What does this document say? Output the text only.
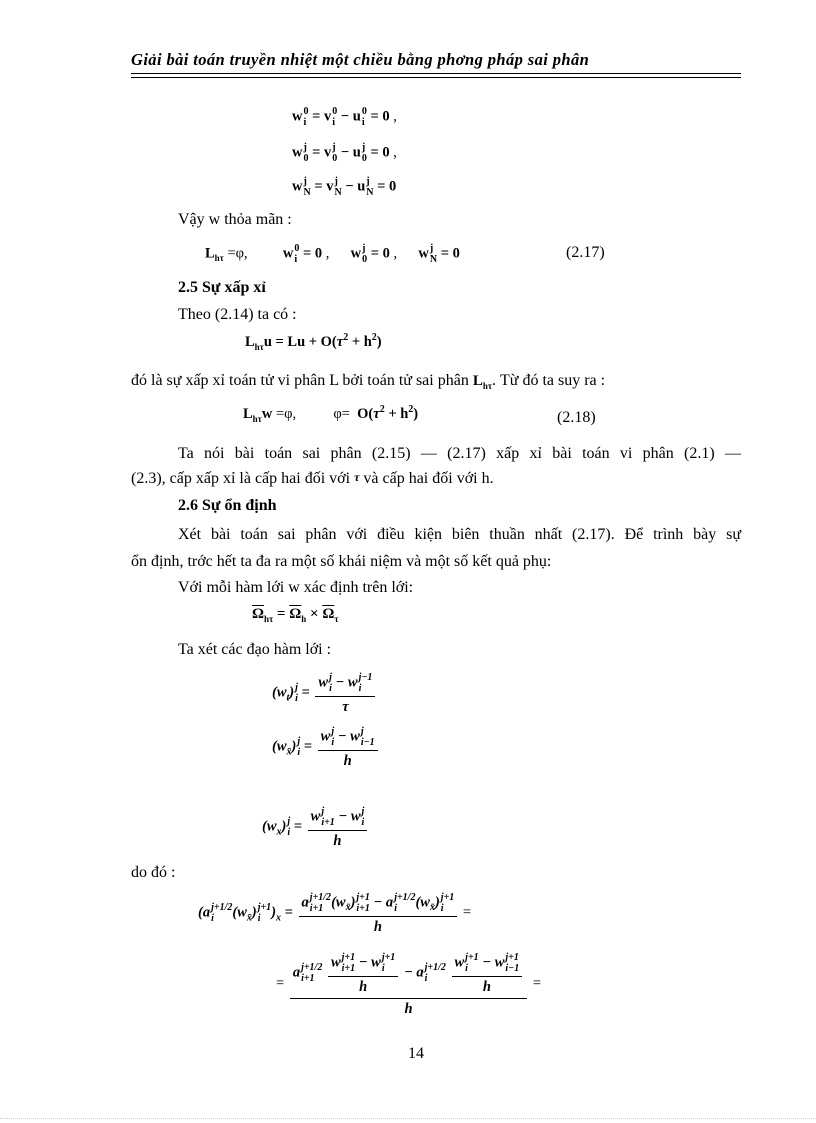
Giải bài toán truyền nhiệt một chiều bằng phơng pháp sai phân
w 0
i = v 0
i − u 0
i = 0 ,
w j
0 = v j
0 − u j
0 = 0 ,
w j
N = v j
N − u j
N = 0
Vậy w thỏa mãn :
$L_{h\tau} =\varphi$,  w 0
i = 0 ,  w j
0 = 0 ,  w j
N = 0	(2.17)
2.5 Sự xấp xỉ
Theo (2.14) ta có :
$L_{h\tau}u = Lu + O(\tau^2 + h^2)$
đó là sự xấp xỉ toán tử vi phân L bởi toán tử sai phân $L_{h\tau}$. Từ đó ta suy ra :
$L_{h\tau}w =\varphi$,	$\varphi= O(\tau^2 + h^2)$	(2.18)
Ta nói bài toán sai phân (2.15) — (2.17) xấp xỉ bài toán vi phân (2.1) —
(2.3), cấp xấp xỉ là cấp hai đối với τ và cấp hai đối với h.
2.6 Sự ổn định
Xét bài toán sai phân với điều kiện biên thuần nhất (2.17). Để trình bày sự
ổn định, trớc hết ta đa ra một số khái niệm và một số kết quả phụ:
Với mỗi hàm lới w xác định trên lới:
$\overline{\Omega}_{h\tau} = \overline{\Omega}_h \times \overline{\Omega}_\tau$
Ta xét các đạo hàm lới :
$(w_t)$ j
i = w j
i − w j−1
i
τ
$(w_{x̄})$ j
i = w j
i − w j
i−1
h
$(w_x)$ j
i = w j
i+1 − w j
i
h
do đó :
(a j+1/2
i	$(w_{x̄})$ j+1
i )$_x = a$ j+1/2
i+1 $(w_{x̄})$ j+1
i+1 − a j+1/2
i	$(w_{x̄})$ j+1
i
h =
=
a j+1/2
i+1
w j+1
i+1 − w j+1
i
h − a j+1/2
i
	w j+1
i − w j+1
i−1
h
h
=
14
